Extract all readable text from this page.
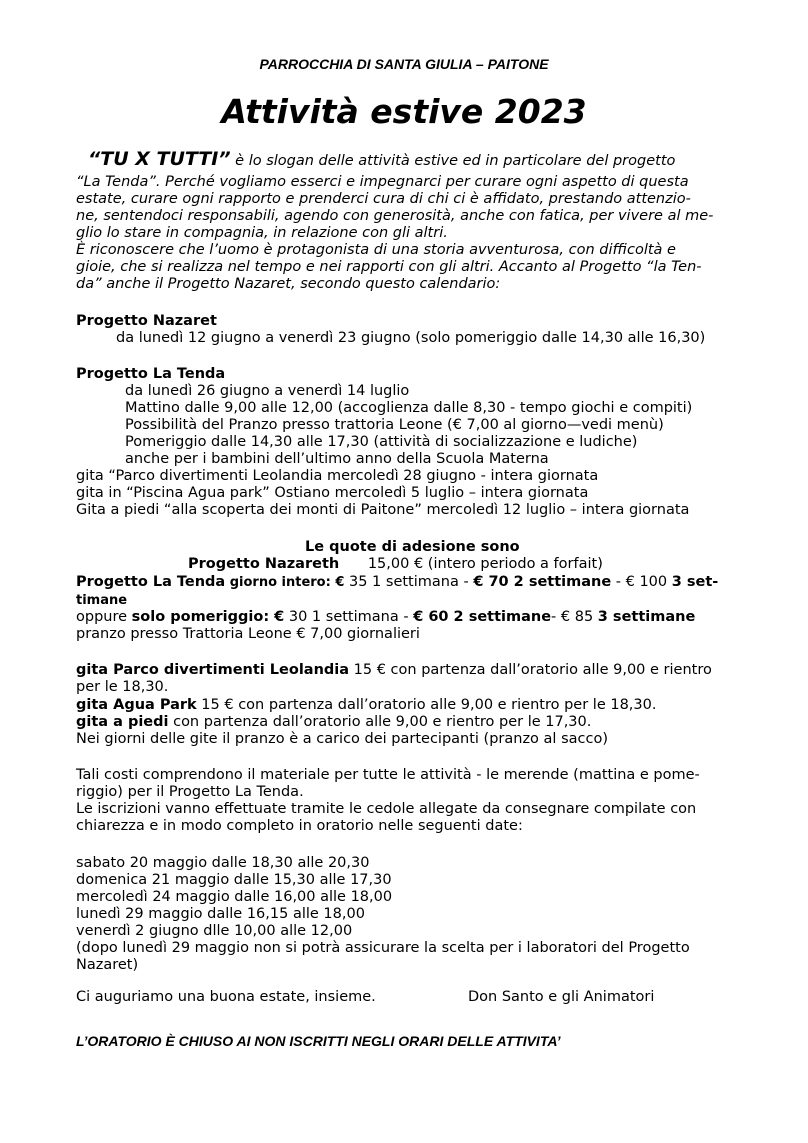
PARROCCHIA DI SANTA GIULIA – PAITONE
Attività estive 2023
“TU X TUTTI” è lo slogan delle attività estive ed in particolare del progetto
“La Tenda”. Perché vogliamo esserci e impegnarci per curare ogni aspetto di questa
estate, curare ogni rapporto e prenderci cura di chi ci è affidato, prestando attenzio-
ne, sentendoci responsabili, agendo con generosità, anche con fatica, per vivere al me-
glio lo stare in compagnia, in relazione con gli altri.
È riconoscere che l’uomo è protagonista di una storia avventurosa, con difficoltà e
gioie, che si realizza nel tempo e nei rapporti con gli altri. Accanto al Progetto “la Ten-
da” anche il Progetto Nazaret, secondo questo calendario:
Progetto Nazaret
da lunedì 12 giugno a venerdì 23 giugno (solo pomeriggio dalle 14,30 alle 16,30)
Progetto La Tenda
da lunedì 26 giugno a venerdì 14 luglio
Mattino dalle 9,00 alle 12,00 (accoglienza dalle 8,30 - tempo giochi e compiti)
Possibilità del Pranzo presso trattoria Leone (€ 7,00 al giorno—vedi menù)
Pomeriggio dalle 14,30 alle 17,30 (attività di socializzazione e ludiche)
anche per i bambini dell’ultimo anno della Scuola Materna
gita “Parco divertimenti Leolandia mercoledì 28 giugno - intera giornata
gita in “Piscina Agua park” Ostiano mercoledì 5 luglio – intera giornata
Gita a piedi “alla scoperta dei monti di Paitone” mercoledì 12 luglio – intera giornata
Le quote di adesione sono
Progetto Nazareth 15,00 € (intero periodo a forfait)
Progetto La Tenda giorno intero: € 35 1 settimana - € 70 2 settimane - € 100 3 set-
timane
oppure solo pomeriggio: € 30 1 settimana - € 60 2 settimane- € 85 3 settimane
pranzo presso Trattoria Leone € 7,00 giornalieri
gita Parco divertimenti Leolandia 15 € con partenza dall’oratorio alle 9,00 e rientro
per le 18,30.
gita Agua Park 15 € con partenza dall’oratorio alle 9,00 e rientro per le 18,30.
gita a piedi con partenza dall’oratorio alle 9,00 e rientro per le 17,30.
Nei giorni delle gite il pranzo è a carico dei partecipanti (pranzo al sacco)
Tali costi comprendono il materiale per tutte le attività - le merende (mattina e pome-
riggio) per il Progetto La Tenda.
Le iscrizioni vanno effettuate tramite le cedole allegate da consegnare compilate con
chiarezza e in modo completo in oratorio nelle seguenti date:
sabato 20 maggio dalle 18,30 alle 20,30
domenica 21 maggio dalle 15,30 alle 17,30
mercoledì 24 maggio dalle 16,00 alle 18,00
lunedì 29 maggio dalle 16,15 alle 18,00
venerdì 2 giugno dlle 10,00 alle 12,00
(dopo lunedì 29 maggio non si potrà assicurare la scelta per i laboratori del Progetto
Nazaret)
Ci auguriamo una buona estate, insieme.	Don Santo e gli Animatori
L’ORATORIO È CHIUSO AI NON ISCRITTI NEGLI ORARI DELLE ATTIVITA’
